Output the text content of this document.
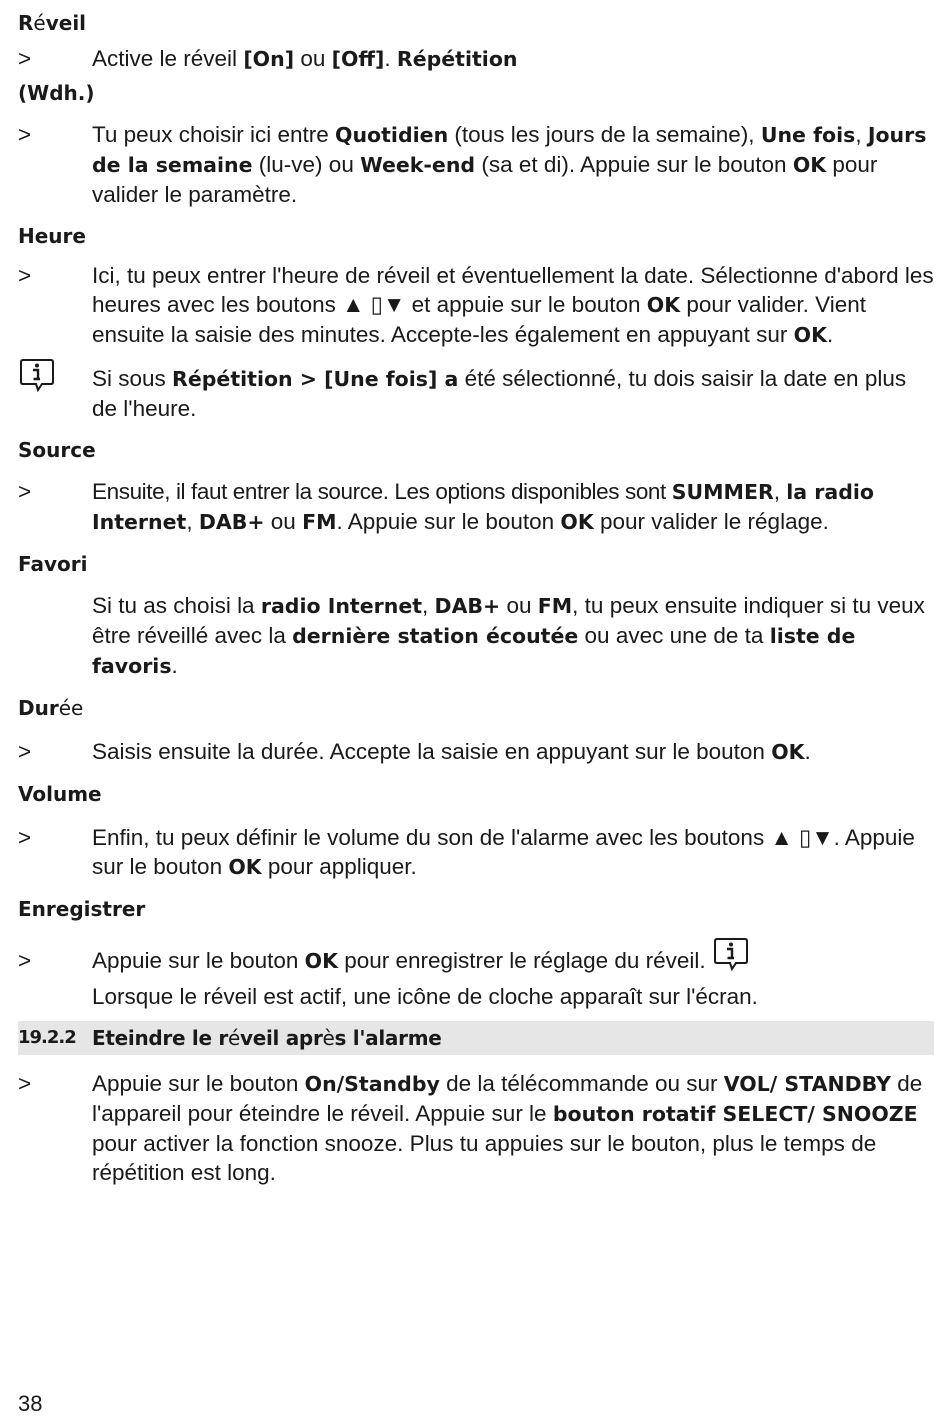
Réveil
>	Active le réveil [On] ou [Off]. Répétition
(Wdh.)
>	Tu peux choisir ici entre Quotidien (tous les jours de la semaine), Une fois, Jours de la semaine (lu-ve) ou Week-end (sa et di). Appuie sur le bouton OK pour valider le paramètre.
Heure
>	Ici, tu peux entrer l'heure de réveil et éventuellement la date. Sélectionne d'abord les heures avec les boutons ▲ ▯▼ et appuie sur le bouton OK pour valider. Vient ensuite la saisie des minutes. Accepte-les également en appuyant sur OK.
Si sous Répétition > [Une fois] a été sélectionné, tu dois saisir la date en plus de l'heure.
Source
>	Ensuite, il faut entrer la source. Les options disponibles sont SUMMER, la radio Internet, DAB+ ou FM. Appuie sur le bouton OK pour valider le réglage.
Favori
Si tu as choisi la radio Internet, DAB+ ou FM, tu peux ensuite indiquer si tu veux être réveillé avec la dernière station écoutée ou avec une de ta liste de favoris.
Durée
>	Saisis ensuite la durée. Accepte la saisie en appuyant sur le bouton OK.
Volume
>	Enfin, tu peux définir le volume du son de l'alarme avec les boutons ▲ ▯▼. Appuie sur le bouton OK pour appliquer.
Enregistrer
>	Appuie sur le bouton OK pour enregistrer le réglage du réveil.
Lorsque le réveil est actif, une icône de cloche apparaît sur l'écran.
19.2.2 Eteindre le réveil après l'alarme
>	Appuie sur le bouton On/Standby de la télécommande ou sur VOL/ STANDBY de l'appareil pour éteindre le réveil. Appuie sur le bouton rotatif SELECT/ SNOOZE pour activer la fonction snooze. Plus tu appuies sur le bouton, plus le temps de répétition est long.
38
